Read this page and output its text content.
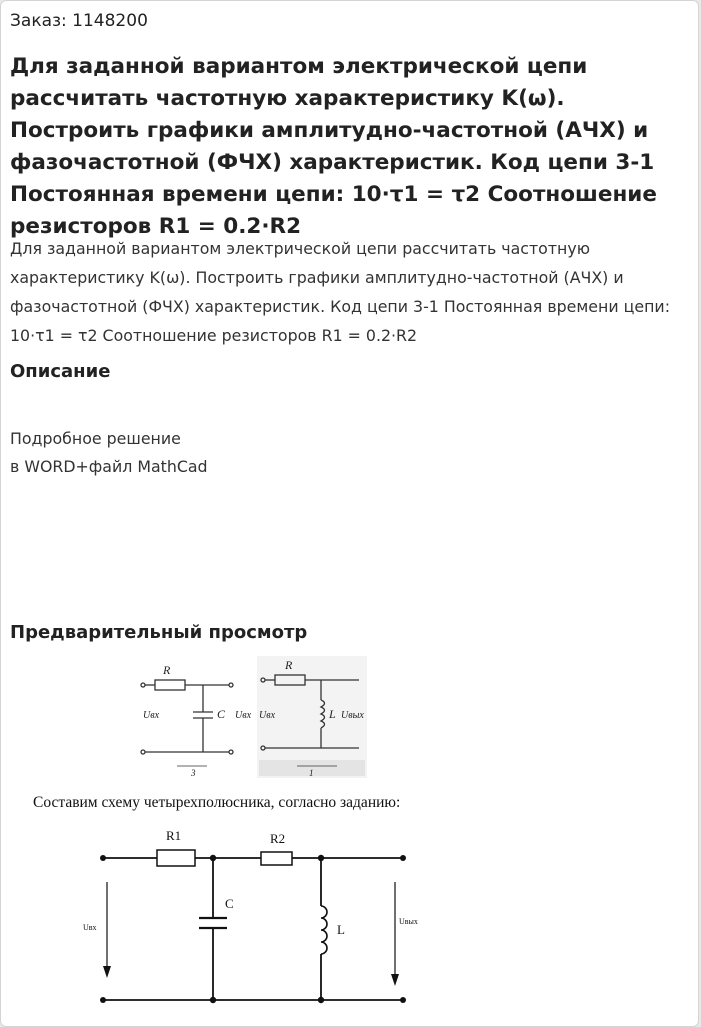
Заказ: 1148200
Для заданной вариантом электрической цепи рассчитать частотную характеристику K(ω). Построить графики амплитудно-частотной (АЧХ) и фазочастотной (ФЧХ) характеристик. Код цепи 3-1 Постоянная времени цепи: 10·τ1 = τ2 Соотношение резисторов R1 = 0.2·R2

Для заданной вариантом электрической цепи рассчитать частотную характеристику K(ω). Построить графики амплитудно-частотной (АЧХ) и фазочастотной (ФЧХ) характеристик. Код цепи 3-1 Постоянная времени цепи: 10·τ1 = τ2 Соотношение резисторов R1 = 0.2·R2

Описание
Подробное решение
в WORD+файл MathCad
Предварительный просмотр
R
C
Uвх	Uвх
3
R
L
Uвх	Uвых
1
Составим схему четырехполюсника, согласно заданию:
R1	R2
C
L
Uвх
Uвых
